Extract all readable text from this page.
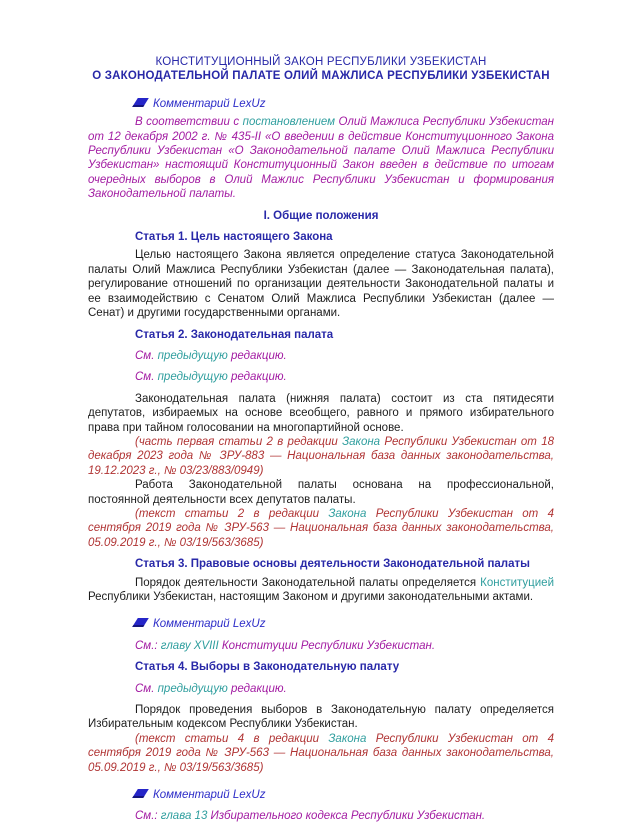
КОНСТИТУЦИОННЫЙ ЗАКОН РЕСПУБЛИКИ УЗБЕКИСТАН
О ЗАКОНОДАТЕЛЬНОЙ ПАЛАТЕ ОЛИЙ МАЖЛИСА РЕСПУБЛИКИ УЗБЕКИСТАН
Комментарий LexUz

В соответствии с постановлением Олий Мажлиса Республики Узбекистан от 12 декабря 2002 г. № 435-II «О введении в действие Конституционного Закона Республики Узбекистан «О Законодательной палате Олий Мажлиса Республики Узбекистан» настоящий Конституционный Закон введен в действие по итогам очередных выборов в Олий Мажлис Республики Узбекистан и формирования Законодательной палаты.

I. Общие положения
Статья 1. Цель настоящего Закона

Целью настоящего Закона является определение статуса Законодательной палаты Олий Мажлиса Республики Узбекистан (далее — Законодательная палата), регулирование отношений по организации деятельности Законодательной палаты и ее взаимодействию с Сенатом Олий Мажлиса Республики Узбекистан (далее — Сенат) и другими государственными органами.

Статья 2. Законодательная палата
См. предыдущую редакцию.
См. предыдущую редакцию.

Законодательная палата (нижняя палата) состоит из ста пятидесяти депутатов, избираемых на основе всеобщего, равного и прямого избирательного права при тайном голосовании на многопартийной основе.

(часть первая статьи 2 в редакции Закона Республики Узбекистан от 18 декабря 2023 года № ЗРУ-883 — Национальная база данных законодательства, 19.12.2023 г., № 03/23/883/0949)

Работа Законодательной палаты основана на профессиональной, постоянной деятельности всех депутатов палаты.

(текст статьи 2 в редакции Закона Республики Узбекистан от 4 сентября 2019 года № ЗРУ-563 — Национальная база данных законодательства, 05.09.2019 г., № 03/19/563/3685)

Статья 3. Правовые основы деятельности Законодательной палаты

Порядок деятельности Законодательной палаты определяется Конституцией Республики Узбекистан, настоящим Законом и другими законодательными актами.

Комментарий LexUz
См.: главу XVIII Конституции Республики Узбекистан.
Статья 4. Выборы в Законодательную палату
См. предыдущую редакцию.

Порядок проведения выборов в Законодательную палату определяется Избирательным кодексом Республики Узбекистан.

(текст статьи 4 в редакции Закона Республики Узбекистан от 4 сентября 2019 года № ЗРУ-563 — Национальная база данных законодательства, 05.09.2019 г., № 03/19/563/3685)

Комментарий LexUz
См.: глава 13 Избирательного кодекса Республики Узбекистан.
